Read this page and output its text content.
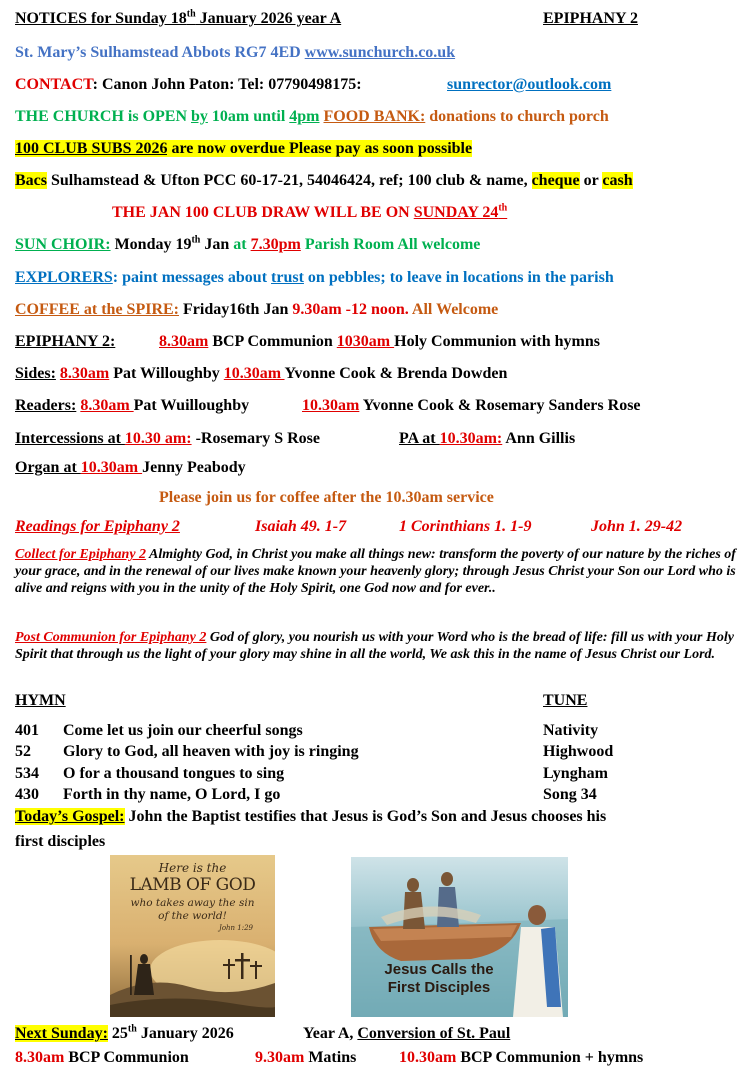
NOTICES for Sunday 18th January 2026 year A	EPIPHANY 2
St. Mary’s Sulhamstead Abbots RG7 4ED www.sunchurch.co.uk
CONTACT: Canon John Paton: Tel: 07790498175:	sunrector@outlook.com
THE CHURCH is OPEN by 10am until 4pm FOOD BANK: donations to church porch
100 CLUB SUBS 2026 are now overdue Please pay as soon possible
Bacs Sulhamstead & Ufton PCC 60-17-21, 54046424, ref; 100 club & name, cheque or cash
THE JAN 100 CLUB DRAW WILL BE ON SUNDAY 24th
SUN CHOIR: Monday 19th Jan at 7.30pm Parish Room All welcome
EXPLORERS: paint messages about trust on pebbles; to leave in locations in the parish
COFFEE at the SPIRE: Friday16th Jan 9.30am -12 noon. All Welcome
EPIPHANY 2:	8.30am BCP Communion 1030am Holy Communion with hymns
Sides: 8.30am Pat Willoughby 10.30am Yvonne Cook & Brenda Dowden
Readers: 8.30am Pat Wuilloughby	10.30am Yvonne Cook & Rosemary Sanders Rose
Intercessions at 10.30 am: -Rosemary S Rose	PA at 10.30am: Ann Gillis
Organ at 10.30am Jenny Peabody
Please join us for coffee after the 10.30am service
Readings for Epiphany 2	Isaiah 49. 1-7	1 Corinthians 1. 1-9	John 1. 29-42
Collect for Epiphany 2 Almighty God, in Christ you make all things new: transform the poverty of our nature by the riches of your grace, and in the renewal of our lives make known your heavenly glory; through Jesus Christ your Son our Lord who is alive and reigns with you in the unity of the Holy Spirit, one God now and for ever..
Post Communion for Epiphany 2 God of glory, you nourish us with your Word who is the bread of life: fill us with your Holy Spirit that through us the light of your glory may shine in all the world, We ask this in the name of Jesus Christ our Lord.
HYMN	TUNE
401 Come let us join our cheerful songs	Nativity
52 Glory to God, all heaven with joy is ringing	Highwood
534 O for a thousand tongues to sing	Lyngham
430 Forth in thy name, O Lord, I go	Song 34
Today’s Gospel: John the Baptist testifies that Jesus is God’s Son and Jesus chooses his
first disciples
Here is the
LAMB OF GOD
who takes away the sin
of the world!
John 1:29
Jesus Calls the
First Disciples
Next Sunday: 25th January 2026	Year A, Conversion of St. Paul
8.30am BCP Communion	9.30am Matins	10.30am BCP Communion + hymns
